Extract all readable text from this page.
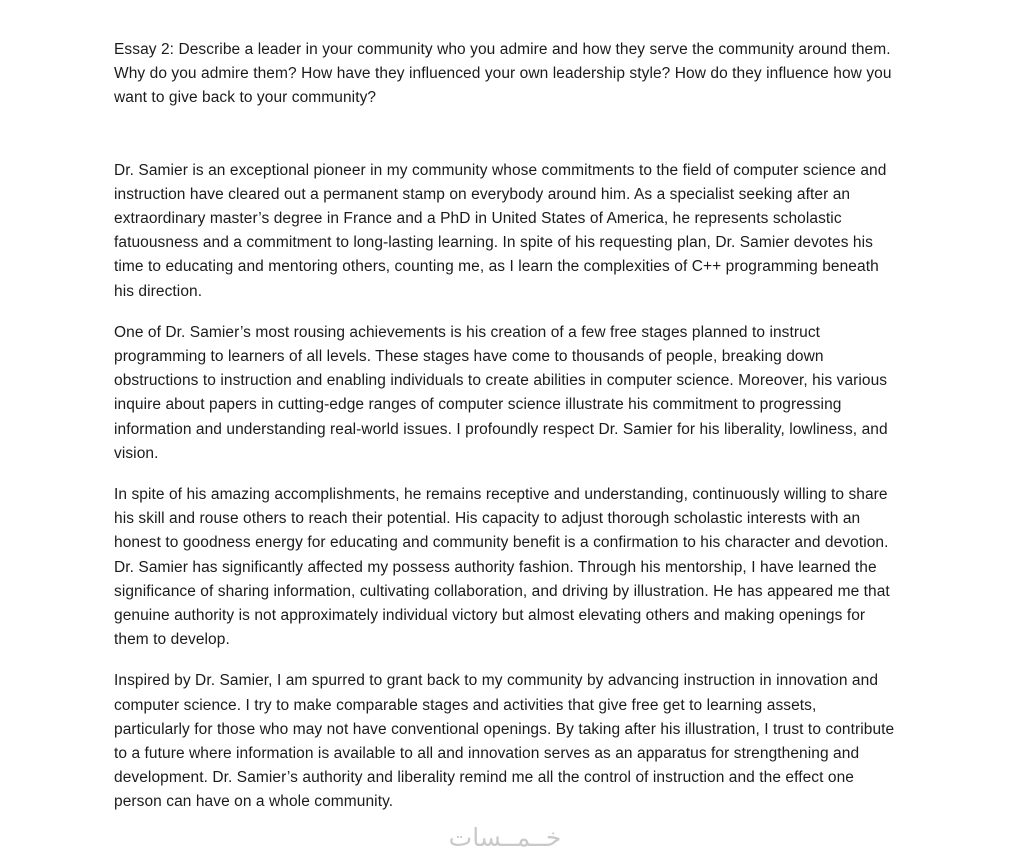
Essay 2: Describe a leader in your community who you admire and how they serve the community around them. Why do you admire them? How have they influenced your own leadership style? How do they influence how you want to give back to your community?

Dr. Samier is an exceptional pioneer in my community whose commitments to the field of computer science and instruction have cleared out a permanent stamp on everybody around him. As a specialist seeking after an extraordinary master’s degree in France and a PhD in United States of America, he represents scholastic fatuousness and a commitment to long-lasting learning. In spite of his requesting plan, Dr. Samier devotes his time to educating and mentoring others, counting me, as I learn the complexities of C++ programming beneath his direction.

One of Dr. Samier’s most rousing achievements is his creation of a few free stages planned to instruct programming to learners of all levels. These stages have come to thousands of people, breaking down obstructions to instruction and enabling individuals to create abilities in computer science. Moreover, his various inquire about papers in cutting-edge ranges of computer science illustrate his commitment to progressing information and understanding real-world issues. I profoundly respect Dr. Samier for his liberality, lowliness, and vision.

In spite of his amazing accomplishments, he remains receptive and understanding, continuously willing to share his skill and rouse others to reach their potential. His capacity to adjust thorough scholastic interests with an honest to goodness energy for educating and community benefit is a confirmation to his character and devotion. Dr. Samier has significantly affected my possess authority fashion. Through his mentorship, I have learned the significance of sharing information, cultivating collaboration, and driving by illustration. He has appeared me that genuine authority is not approximately individual victory but almost elevating others and making openings for them to develop.

Inspired by Dr. Samier, I am spurred to grant back to my community by advancing instruction in innovation and computer science. I try to make comparable stages and activities that give free get to learning assets, particularly for those who may not have conventional openings. By taking after his illustration, I trust to contribute to a future where information is available to all and innovation serves as an apparatus for strengthening and development. Dr. Samier’s authority and liberality remind me all the control of instruction and the effect one person can have on a whole community.

خــمــسات
